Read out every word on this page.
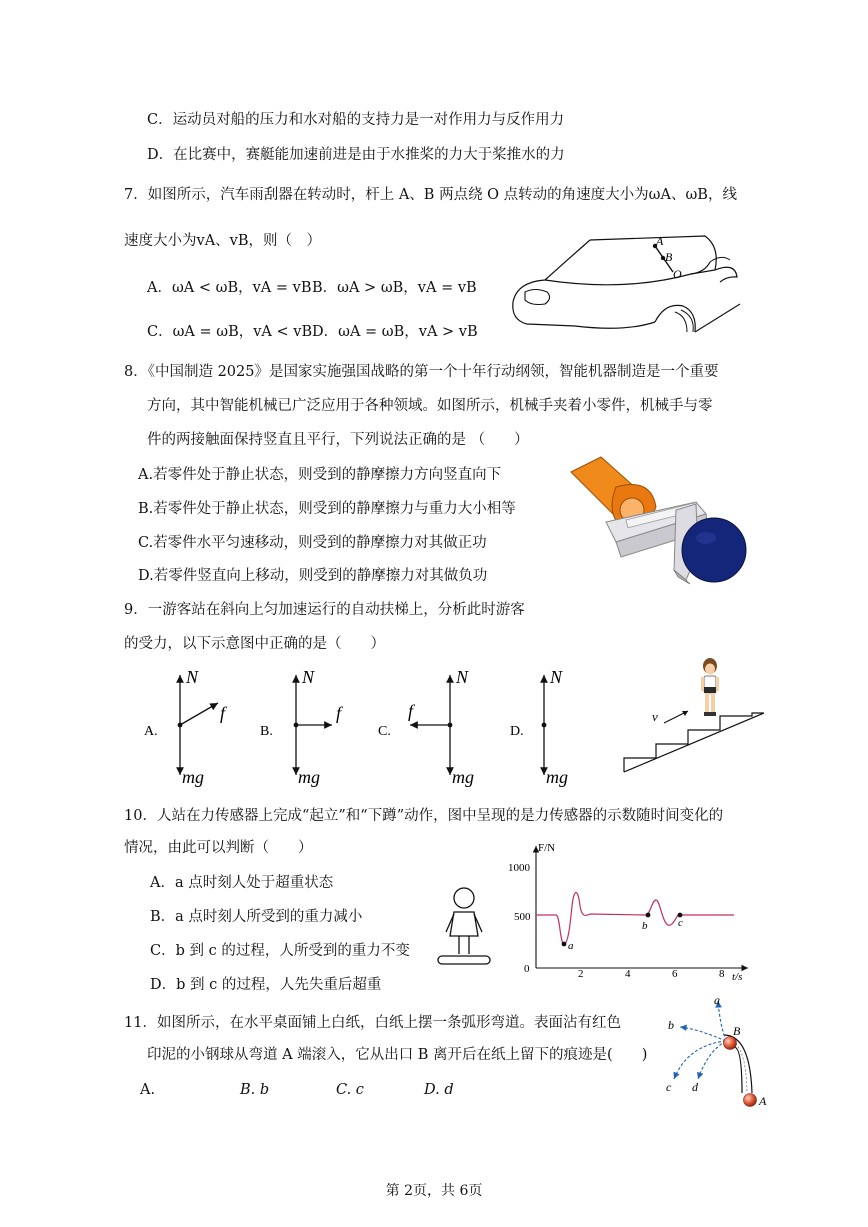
C．运动员对船的压力和水对船的支持力是一对作用力与反作用力
D．在比赛中，赛艇能加速前进是由于水推桨的力大于桨推水的力
7．如图所示，汽车雨刮器在转动时，杆上 A、B 两点绕 O 点转动的角速度大小为ωA、ωB，线
速度大小为vA、vB，则（　）
A．ωA < ωB，vA = vB B．ωA > ωB，vA = vB
C．ωA = ωB，vA < vB D．ωA = ωB，vA > vB
A
B
O
8．《中国制造 2025》是国家实施强国战略的第一个十年行动纲领，智能机器制造是一个重要
方向，其中智能机械已广泛应用于各种领域。如图所示，机械手夹着小零件，机械手与零
件的两接触面保持竖直且平行，下列说法正确的是 （　　）
A.若零件处于静止状态，则受到的静摩擦力方向竖直向下
B.若零件处于静止状态，则受到的静摩擦力与重力大小相等
C.若零件水平匀速移动，则受到的静摩擦力对其做正功
D.若零件竖直向上移动，则受到的静摩擦力对其做负功
9．一游客站在斜向上匀加速运行的自动扶梯上，分析此时游客
的受力，以下示意图中正确的是（　　）
A.
N
f
mg
B.
N
f
mg
C.
N
f
mg
D.
N
mg
v
10．人站在力传感器上完成“起立”和“下蹲”动作，图中呈现的是力传感器的示数随时间变化的
情况，由此可以判断（　　）
A．a 点时刻人处于超重状态
B．a 点时刻人所受到的重力减小
C．b 到 c 的过程，人所受到的重力不变
D．b 到 c 的过程，人先失重后超重
F/N
t/s
1000
500
0	2	4	6	8
a
b	c
11．如图所示，在水平桌面铺上白纸，白纸上摆一条弧形弯道。表面沾有红色
印泥的小钢球从弯道 A 端滚入，它从出口 B 离开后在纸上留下的痕迹是(　　)
A.	B. b	C. c	D. d
a
b
c d
B
A
第 2页，共 6页
